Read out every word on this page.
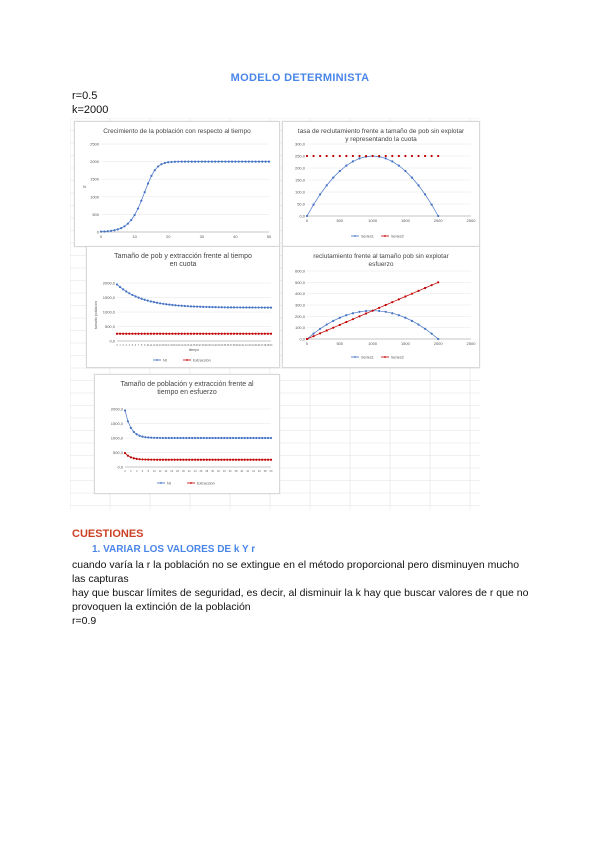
MODELO DETERMINISTA
r=0.5
k=2000
Crecimiento de la población con respecto al tiempo
2500
2000
1500
1000
500
0
0	10	20	30	40	50
N
tasa de reclutamiento frente a tamaño de pob sin explotar y representando la cuota
300,0
250,0
200,0
150,0
100,0
50,0
0,0
0	500	1000	1500	2000	2500
Series1	Series2
Tamaño de pob y extracción frente al tiempo en cuota
2000,0
1500,0
1000,0
500,0
0,0
tamaño población
tiempo
0 1 2 3 4 5 6 7 8 9 10 11 12 13 14 15 16 17 18 19 20 21 22 23 24 25 26 27 28 29 30 31 32 33 34 35 36 37 38 39 40 41 42 43 44 45 46 47 48 49 50
Nt	Extracción
reclutamiento frente al tamaño pob sin explotar esfuerzo
600,0
500,0
400,0
300,0
200,0
100,0
0,0
0	500	1000	1500	2000	2500
Series1	Series2
Tamaño de población y extracción frente al tiempo en esfuerzo
2000,0
1500,0
1000,0
500,0
0,0
0 2 4 6 8 10 12 14 16 18 20 22 24 26 28 30 32 34 36 38 40 42 44 46 48 50
Nt	Extracción
CUESTIONES
1. VARIAR LOS VALORES DE k Y r
cuando varía la r la población no se extingue en el método proporcional pero disminuyen mucho las capturas
hay que buscar límites de seguridad, es decir, al disminuir la k hay que buscar valores de r que no provoquen la extinción de la población
r=0.9
